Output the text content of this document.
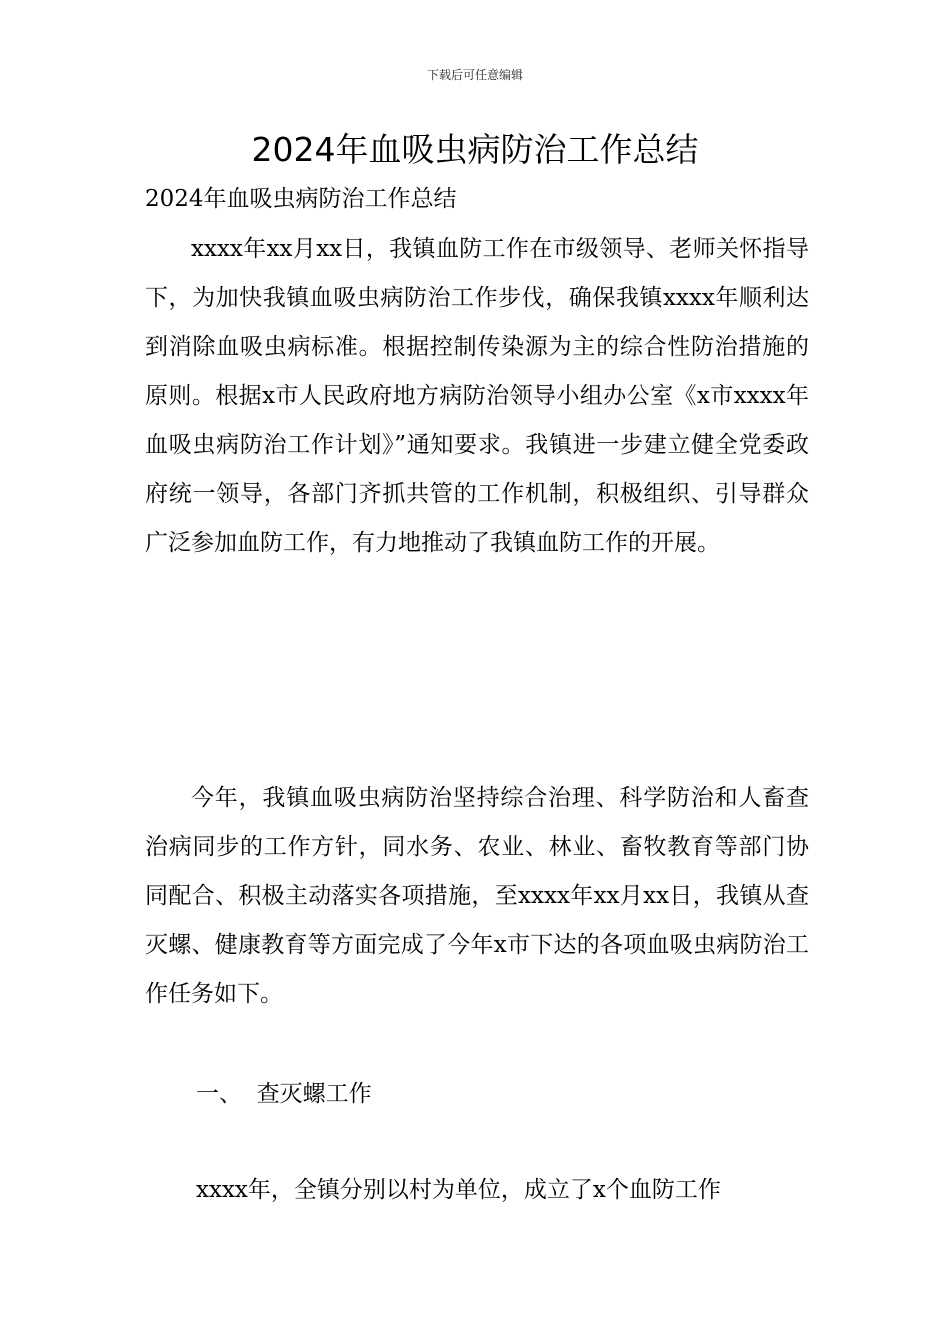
下载后可任意编辑
2024年血吸虫病防治工作总结
2024年血吸虫病防治工作总结

xxxx年xx月xx日，我镇血防工作在市级领导、老师关怀指导下，为加快我镇血吸虫病防治工作步伐，确保我镇xxxx年顺利达到消除血吸虫病标准。根据控制传染源为主的综合性防治措施的原则。根据x市人民政府地方病防治领导小组办公室《x市xxxx年血吸虫病防治工作计划》”通知要求。我镇进一步建立健全党委政府统一领导，各部门齐抓共管的工作机制，积极组织、引导群众广泛参加血防工作，有力地推动了我镇血防工作的开展。

今年，我镇血吸虫病防治坚持综合治理、科学防治和人畜查治病同步的工作方针，同水务、农业、林业、畜牧教育等部门协同配合、积极主动落实各项措施，至xxxx年xx月xx日，我镇从查灭螺、健康教育等方面完成了今年x市下达的各项血吸虫病防治工作任务如下。

一、  查灭螺工作
xxxx年，全镇分别以村为单位，成立了x个血防工作
